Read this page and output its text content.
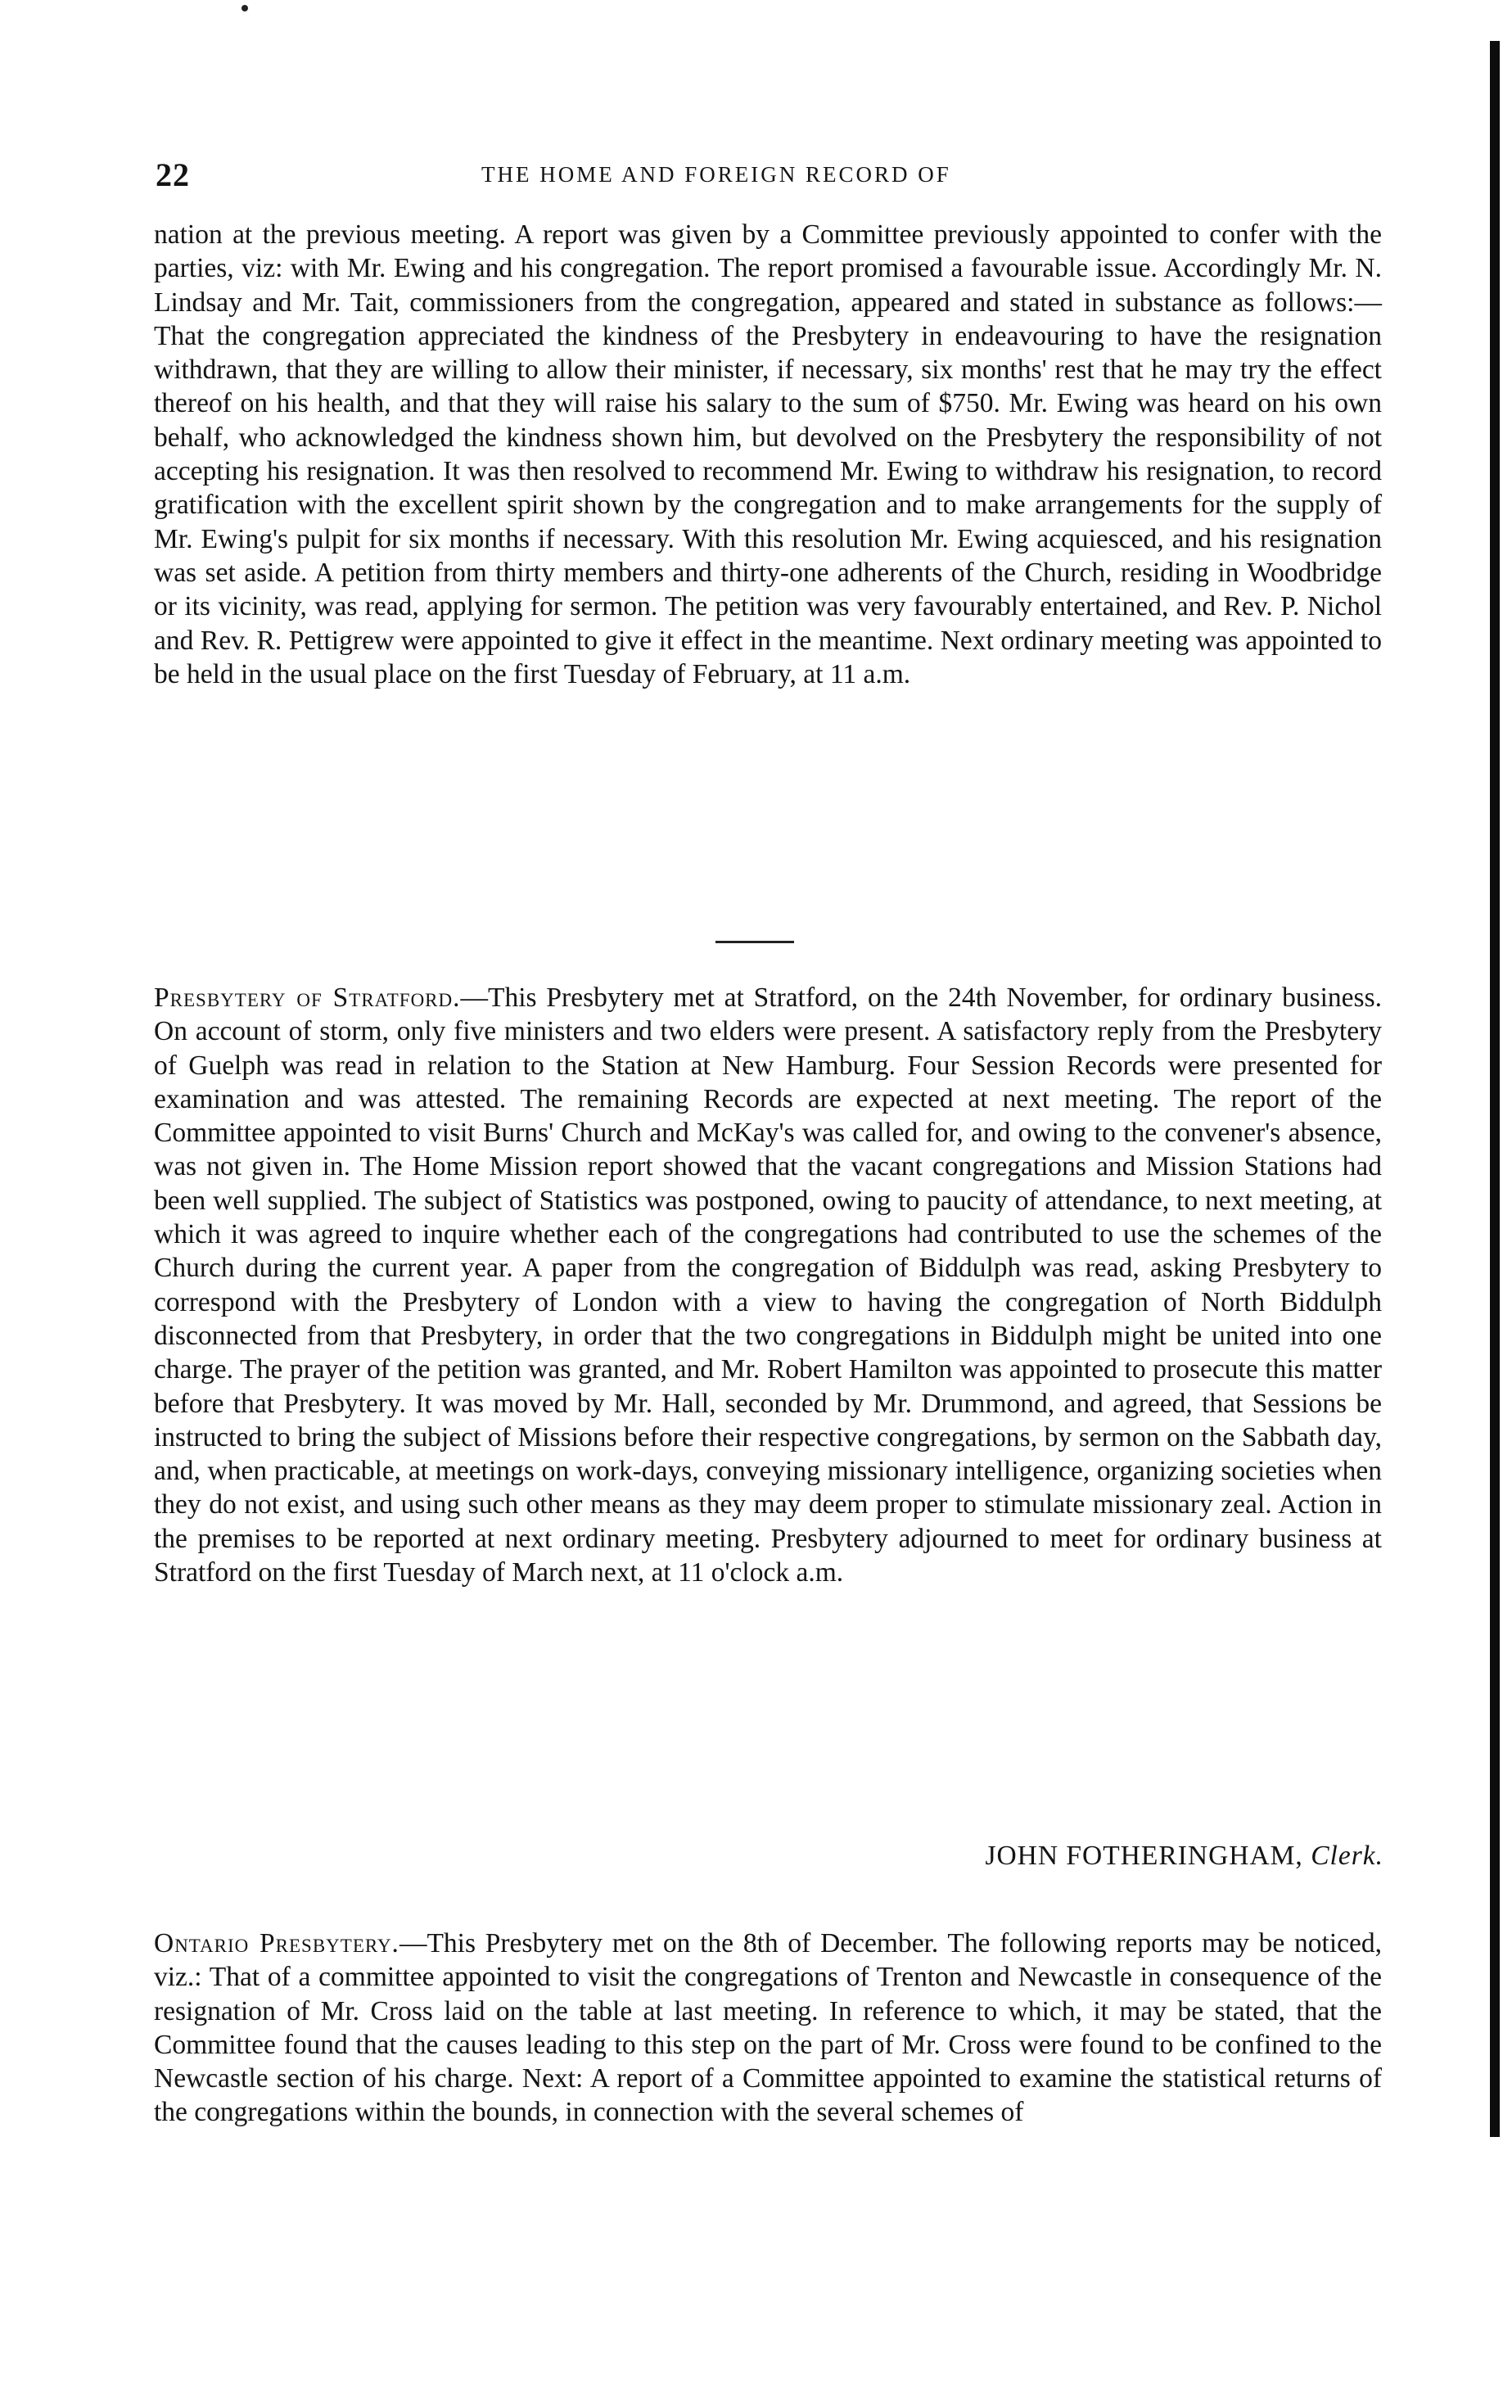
22	THE HOME AND FOREIGN RECORD OF

nation at the previous meeting. A report was given by a Committee previously appointed to confer with the parties, viz: with Mr. Ewing and his congregation. The report promised a favourable issue. Accordingly Mr. N. Lindsay and Mr. Tait, commissioners from the congregation, appeared and stated in substance as follows:—That the congregation appreciated the kindness of the Presbytery in endeavouring to have the resignation withdrawn, that they are willing to allow their minister, if necessary, six months' rest that he may try the effect thereof on his health, and that they will raise his salary to the sum of $750. Mr. Ewing was heard on his own behalf, who acknowledged the kindness shown him, but devolved on the Presbytery the responsibility of not accepting his resignation. It was then resolved to recommend Mr. Ewing to withdraw his resignation, to record gratification with the excellent spirit shown by the congregation and to make arrangements for the supply of Mr. Ewing's pulpit for six months if necessary. With this resolution Mr. Ewing acquiesced, and his resignation was set aside. A petition from thirty members and thirty-one adherents of the Church, residing in Woodbridge or its vicinity, was read, applying for sermon. The petition was very favourably entertained, and Rev. P. Nichol and Rev. R. Pettigrew were appointed to give it effect in the meantime. Next ordinary meeting was appointed to be held in the usual place on the first Tuesday of February, at 11 a.m.

Presbytery of Stratford.—This Presbytery met at Stratford, on the 24th November, for ordinary business. On account of storm, only five ministers and two elders were present. A satisfactory reply from the Presbytery of Guelph was read in relation to the Station at New Hamburg. Four Session Records were presented for examination and was attested. The remaining Records are expected at next meeting. The report of the Committee appointed to visit Burns' Church and McKay's was called for, and owing to the convener's absence, was not given in. The Home Mission report showed that the vacant congregations and Mission Stations had been well supplied. The subject of Statistics was postponed, owing to paucity of attendance, to next meeting, at which it was agreed to inquire whether each of the congregations had contributed to use the schemes of the Church during the current year. A paper from the congregation of Biddulph was read, asking Presbytery to correspond with the Presbytery of London with a view to having the congregation of North Biddulph disconnected from that Presbytery, in order that the two congregations in Biddulph might be united into one charge. The prayer of the petition was granted, and Mr. Robert Hamilton was appointed to prosecute this matter before that Presbytery. It was moved by Mr. Hall, seconded by Mr. Drummond, and agreed, that Sessions be instructed to bring the subject of Missions before their respective congregations, by sermon on the Sabbath day, and, when practicable, at meetings on work-days, conveying missionary intelligence, organizing societies when they do not exist, and using such other means as they may deem proper to stimulate missionary zeal. Action in the premises to be reported at next ordinary meeting. Presbytery adjourned to meet for ordinary business at Stratford on the first Tuesday of March next, at 11 o'clock a.m.

JOHN FOTHERINGHAM, Clerk.

Ontario Presbytery.—This Presbytery met on the 8th of December. The following reports may be noticed, viz.: That of a committee appointed to visit the congregations of Trenton and Newcastle in consequence of the resignation of Mr. Cross laid on the table at last meeting. In reference to which, it may be stated, that the Committee found that the causes leading to this step on the part of Mr. Cross were found to be confined to the Newcastle section of his charge. Next: A report of a Committee appointed to examine the statistical returns of the congregations within the bounds, in connection with the several schemes of
